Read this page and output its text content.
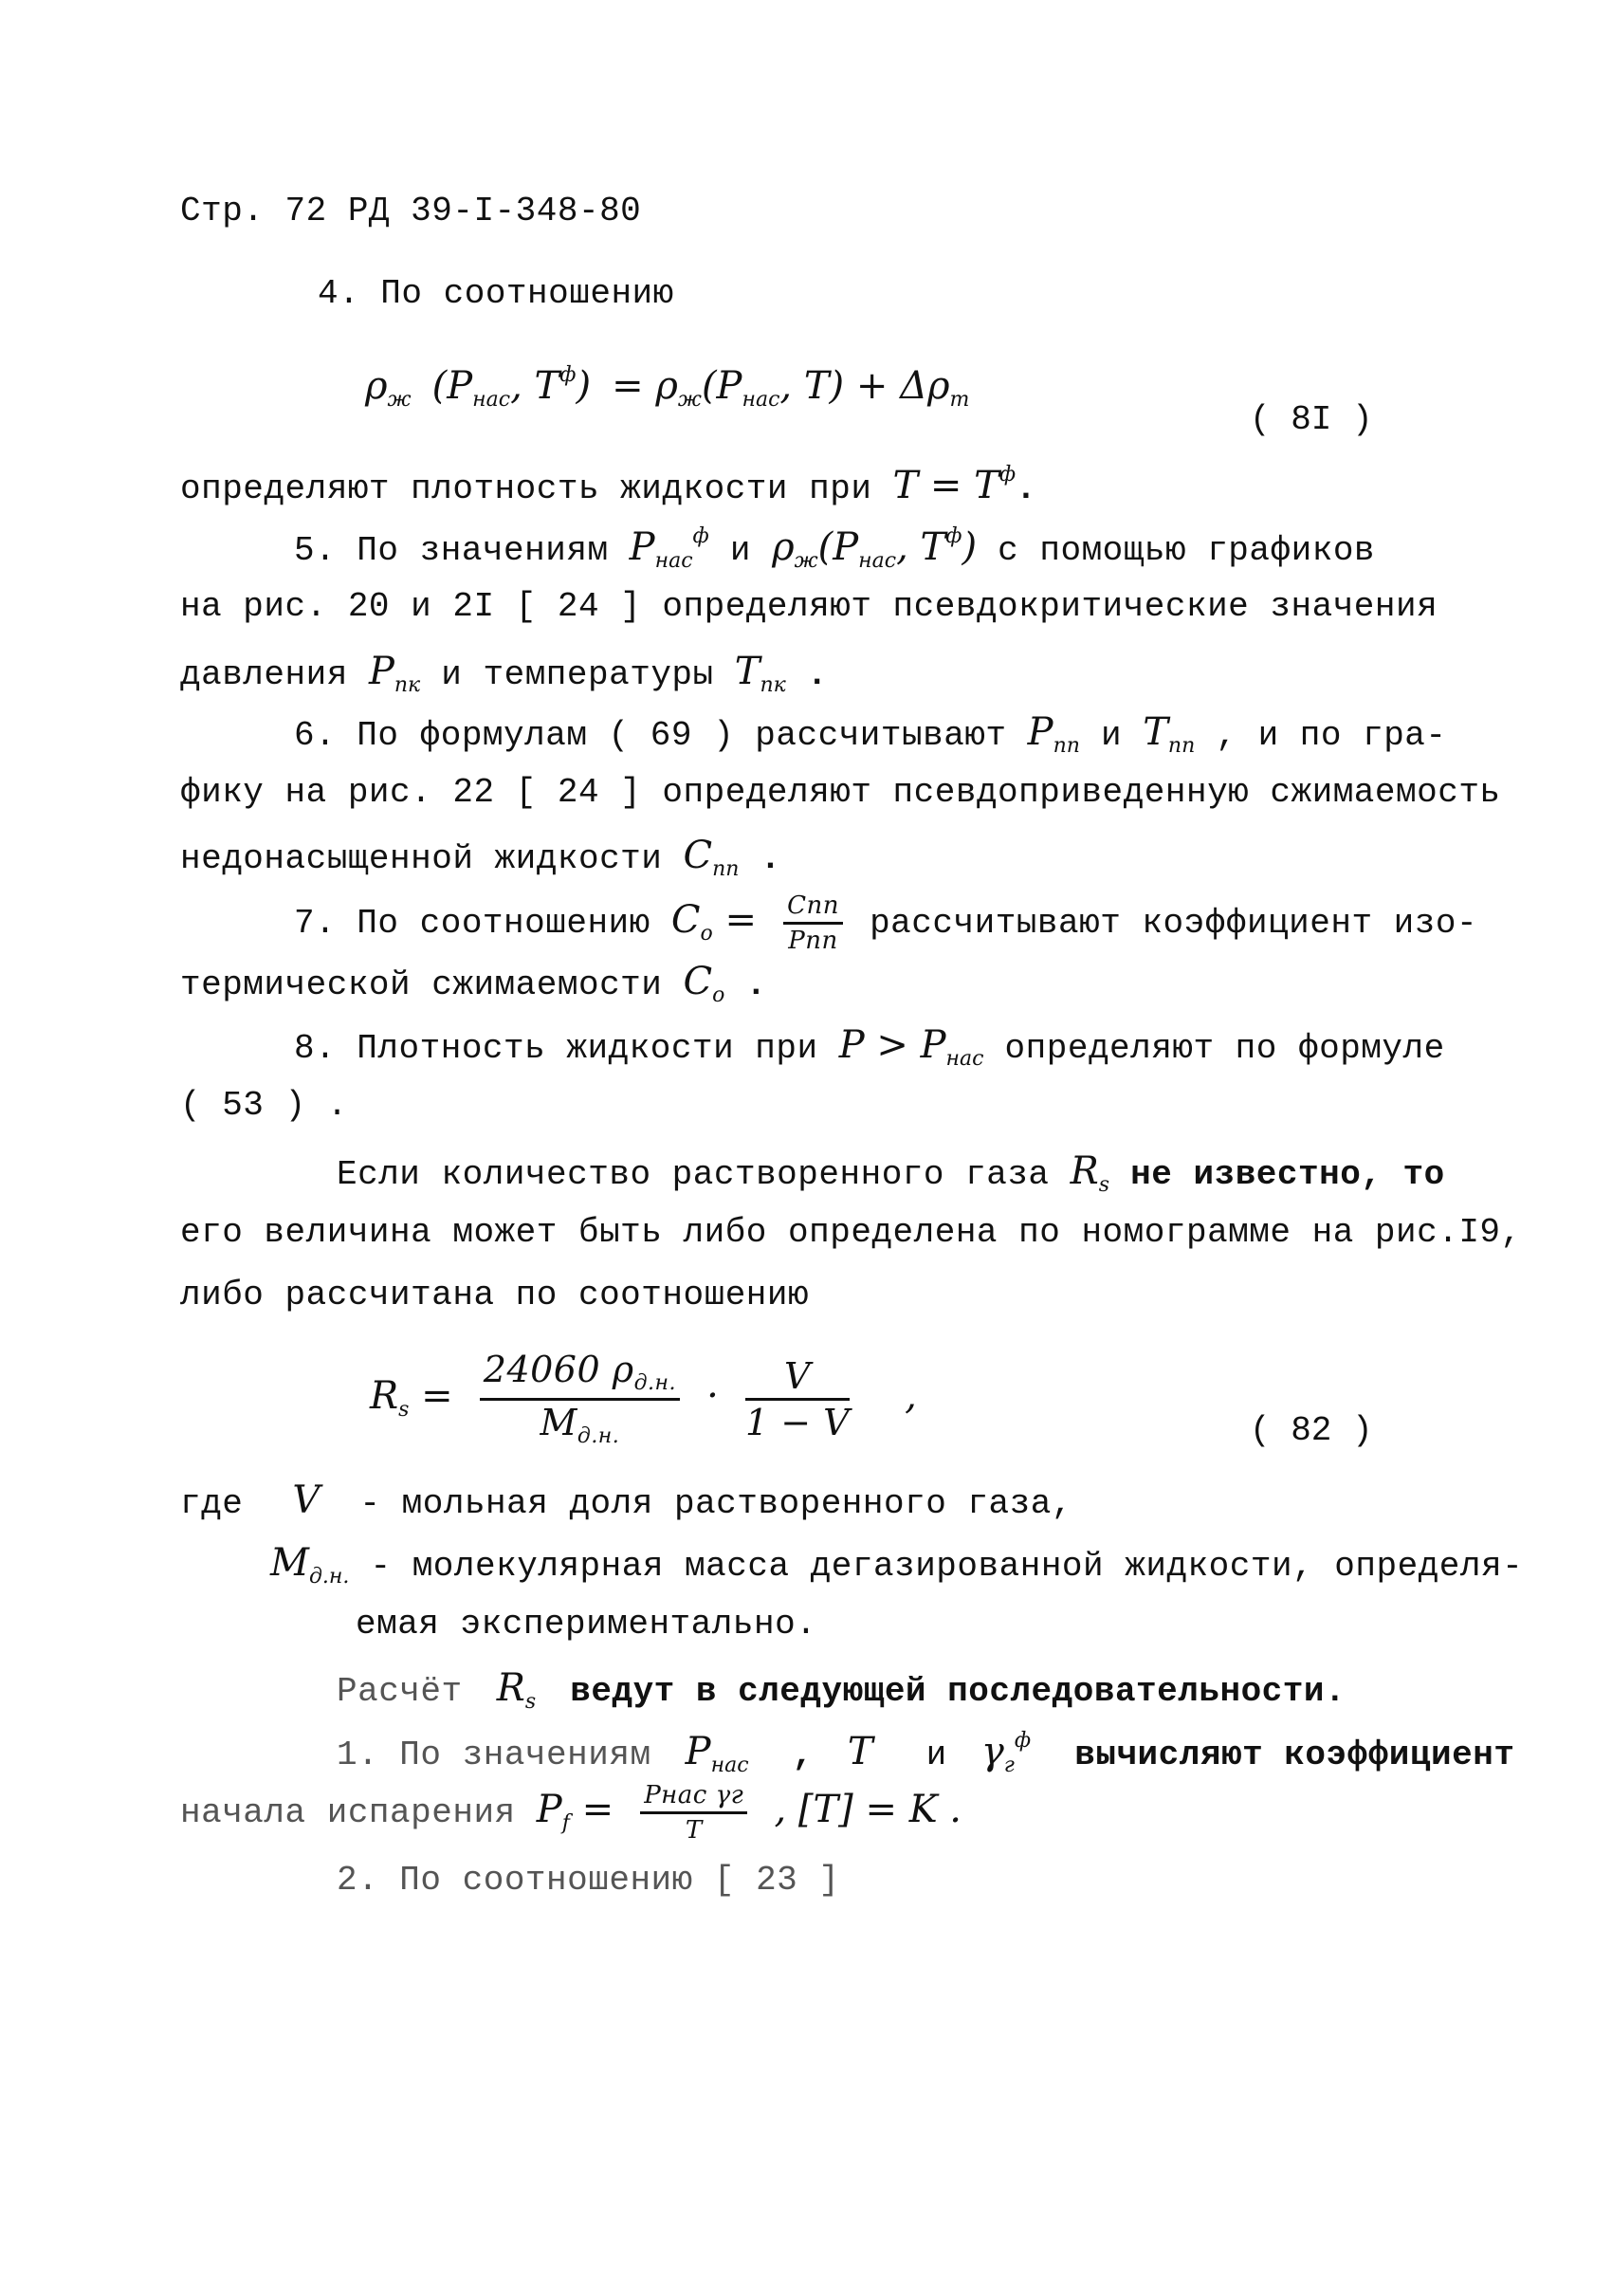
Стр. 72 РД 39-I-348-80
4. По соотношению
$\rho_ж$ ($P_{нас}$, $T^ф) = \rho_ж(P_{нас}$, $T) + \Delta\rho_т$
( 8I )
определяют плотность жидкости при $T = T^ф$.
5. По значениям $P_{нас}^ф$ и $\rho_ж(P_{нас}$, $T^ф$) с помощью графиков
на рис. 20 и 2I [ 24 ] определяют псевдокритические значения
давления $P_{пк}$ и температуры $T_{пк}$ .
6. По формулам ( 69 ) рассчитывают $P_{пп}$ и $T_{пп}$ , и по гра-
фику на рис. 22 [ 24 ] определяют псевдоприведенную сжимаемость
недонасыщенной жидкости $C_{пп}$ .
7. По соотношению $C_о = \frac{\text{Cпп}}{\text{Pпп}}$ рассчитывают коэффициент изо-
термической сжимаемости $C_о$ .
8. Плотность жидкости при $P > P_{нас}$ определяют по формуле
( 53 ) .
Если количество растворенного газа $R_s$ не известно, то
его величина может быть либо определена по номограмме на рис.I9,
либо рассчитана по соотношению
$R_s = \frac{24060 \rho_{д.н.}}{M_{д.н.}} \cdot \frac{V}{1 - V}$ ,
( 82 )
где V - мольная доля растворенного газа,
$M_{д.н.}$ - молекулярная масса дегазированной жидкости, определя-
емая экспериментально.
Расчёт $R_s$ ведут в следующей последовательности.
1. По значениям $P_{нас}$ , T и $\gamma_г^ф$ вычисляют коэффициент
начала испарения $P_f = \frac{\text{Pнас γг}}{T}$ , [T] = K .
2. По соотношению [ 23 ]
